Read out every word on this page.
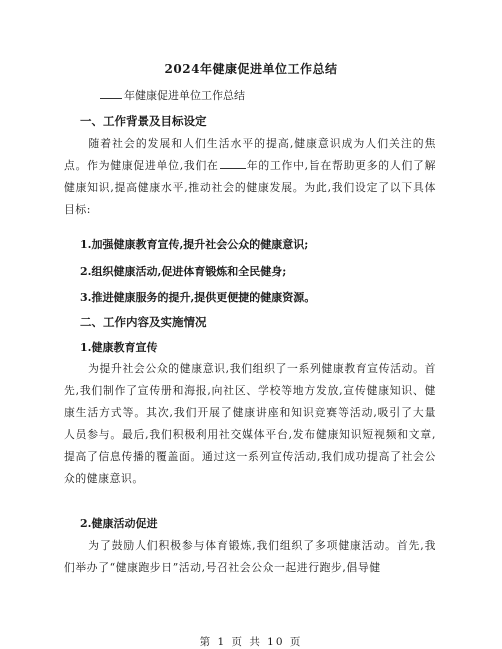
2024年健康促进单位工作总结
年健康促进单位工作总结
一、工作背景及目标设定
随着社会的发展和人们生活水平的提高,健康意识成为人们关注的焦点。作为健康促进单位,我们在	年的工作中,旨在帮助更多的人们了解健康知识,提高健康水平,推动社会的健康发展。为此,我们设定了以下具体目标:
1.加强健康教育宣传,提升社会公众的健康意识;
2.组织健康活动,促进体育锻炼和全民健身;
3.推进健康服务的提升,提供更便捷的健康资源。
二、工作内容及实施情况
1.健康教育宣传
为提升社会公众的健康意识,我们组织了一系列健康教育宣传活动。首先,我们制作了宣传册和海报,向社区、学校等地方发放,宣传健康知识、健康生活方式等。其次,我们开展了健康讲座和知识竞赛等活动,吸引了大量人员参与。最后,我们积极利用社交媒体平台,发布健康知识短视频和文章,提高了信息传播的覆盖面。通过这一系列宣传活动,我们成功提高了社会公众的健康意识。
2.健康活动促进
为了鼓励人们积极参与体育锻炼,我们组织了多项健康活动。首先,我们举办了“健康跑步日”活动,号召社会公众一起进行跑步,倡导健
第 1 页 共 10 页
